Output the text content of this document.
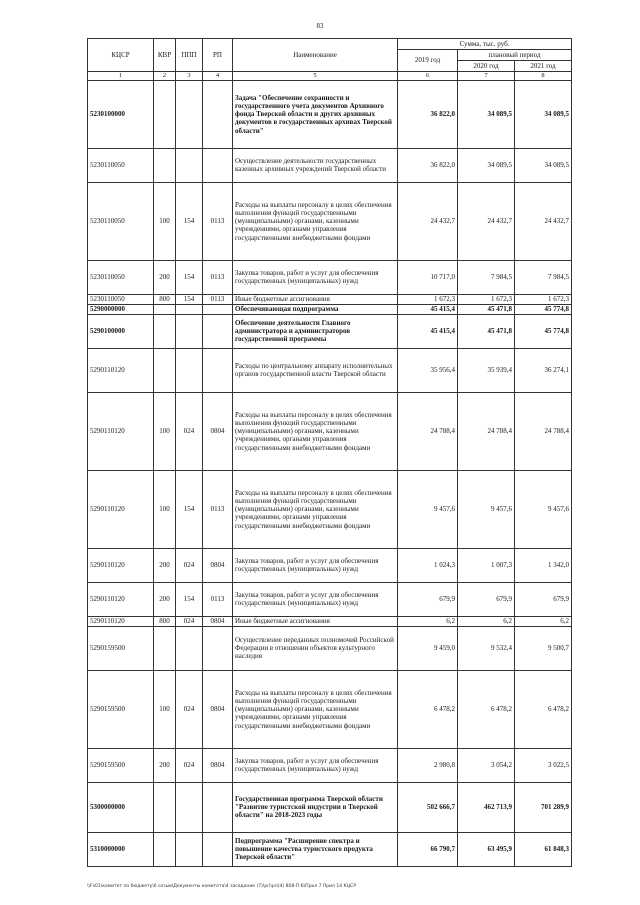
83
КЦСР	КВР	ППП	РП	Наименование	Сумма, тыс. руб.		
					2019 год	плановый период	
						2020 год	2021 год
1	2	3	4	5	6	7	8
5230100000				Задача "Обеспечение сохранности и государственного учета документов Архивного фонда Тверской области и других архивных документов в государственных архивах Тверской области"	36 822,0	34 089,5	34 089,5
5230110050				Осуществление деятельности государственных казенных архивных учреждений Тверской области	36 822,0	34 089,5	34 089,5
5230110050	100	154	0113	Расходы на выплаты персоналу в целях обеспечения выполнения функций государственными (муниципальными) органами, казенными учреждениями, органами управления государственными внебюджетными фондами	24 432,7	24 432,7	24 432,7
5230110050	200	154	0113	Закупка товаров, работ и услуг для обеспечения государственных (муниципальных) нужд	10 717,0	7 984,5	7 984,5
5230110050	800	154	0113	Иные бюджетные ассигнования	1 672,3	1 672,3	1 672,3
5290000000				Обеспечивающая подпрограмма	45 415,4	45 471,8	45 774,8
5290100000				Обеспечение деятельности Главного администратора и администраторов государственной программы	45 415,4	45 471,8	45 774,8
5290110120				Расходы по центральному аппарату исполнительных органов государственной власти Тверской области	35 956,4	35 939,4	36 274,1
5290110120	100	024	0804	Расходы на выплаты персоналу в целях обеспечения выполнения функций государственными (муниципальными) органами, казенными учреждениями, органами управления государственными внебюджетными фондами	24 788,4	24 788,4	24 788,4
5290110120	100	154	0113	Расходы на выплаты персоналу в целях обеспечения выполнения функций государственными (муниципальными) органами, казенными учреждениями, органами управления государственными внебюджетными фондами	9 457,6	9 457,6	9 457,6
5290110120	200	024	0804	Закупка товаров, работ и услуг для обеспечения государственных (муниципальных) нужд	1 024,3	1 007,3	1 342,0
5290110120	200	154	0113	Закупка товаров, работ и услуг для обеспечения государственных (муниципальных) нужд	679,9	679,9	679,9
5290110120	800	024	0804	Иные бюджетные ассигнования	6,2	6,2	6,2
5290159500				Осуществление переданных полномочий Российской Федерации в отношении объектов культурного наследия	9 459,0	9 532,4	9 500,7
5290159500	100	024	0804	Расходы на выплаты персоналу в целях обеспечения выполнения функций государственными (муниципальными) органами, казенными учреждениями, органами управления государственными внебюджетными фондами	6 478,2	6 478,2	6 478,2
5290159500	200	024	0804	Закупка товаров, работ и услуг для обеспечения государственных (муниципальных) нужд	2 980,8	3 054,2	3 022,5
5300000000				Государственная программа Тверской области "Развитие туристской индустрии в Тверской области" на 2018-2023 годы	502 666,7	462 713,9	701 289,9
5310000000				Подпрограмма "Расширение спектра и повышение качества туристского продукта Тверской области"	66 790,7	63 495,9	61 848,3
\\Fs01\комитет по бюджету\б созыв\Документы комитета\4 заседание (7)\pri\pri(4) 808-П-б\Прил 7 Прил 14 КЦСР
